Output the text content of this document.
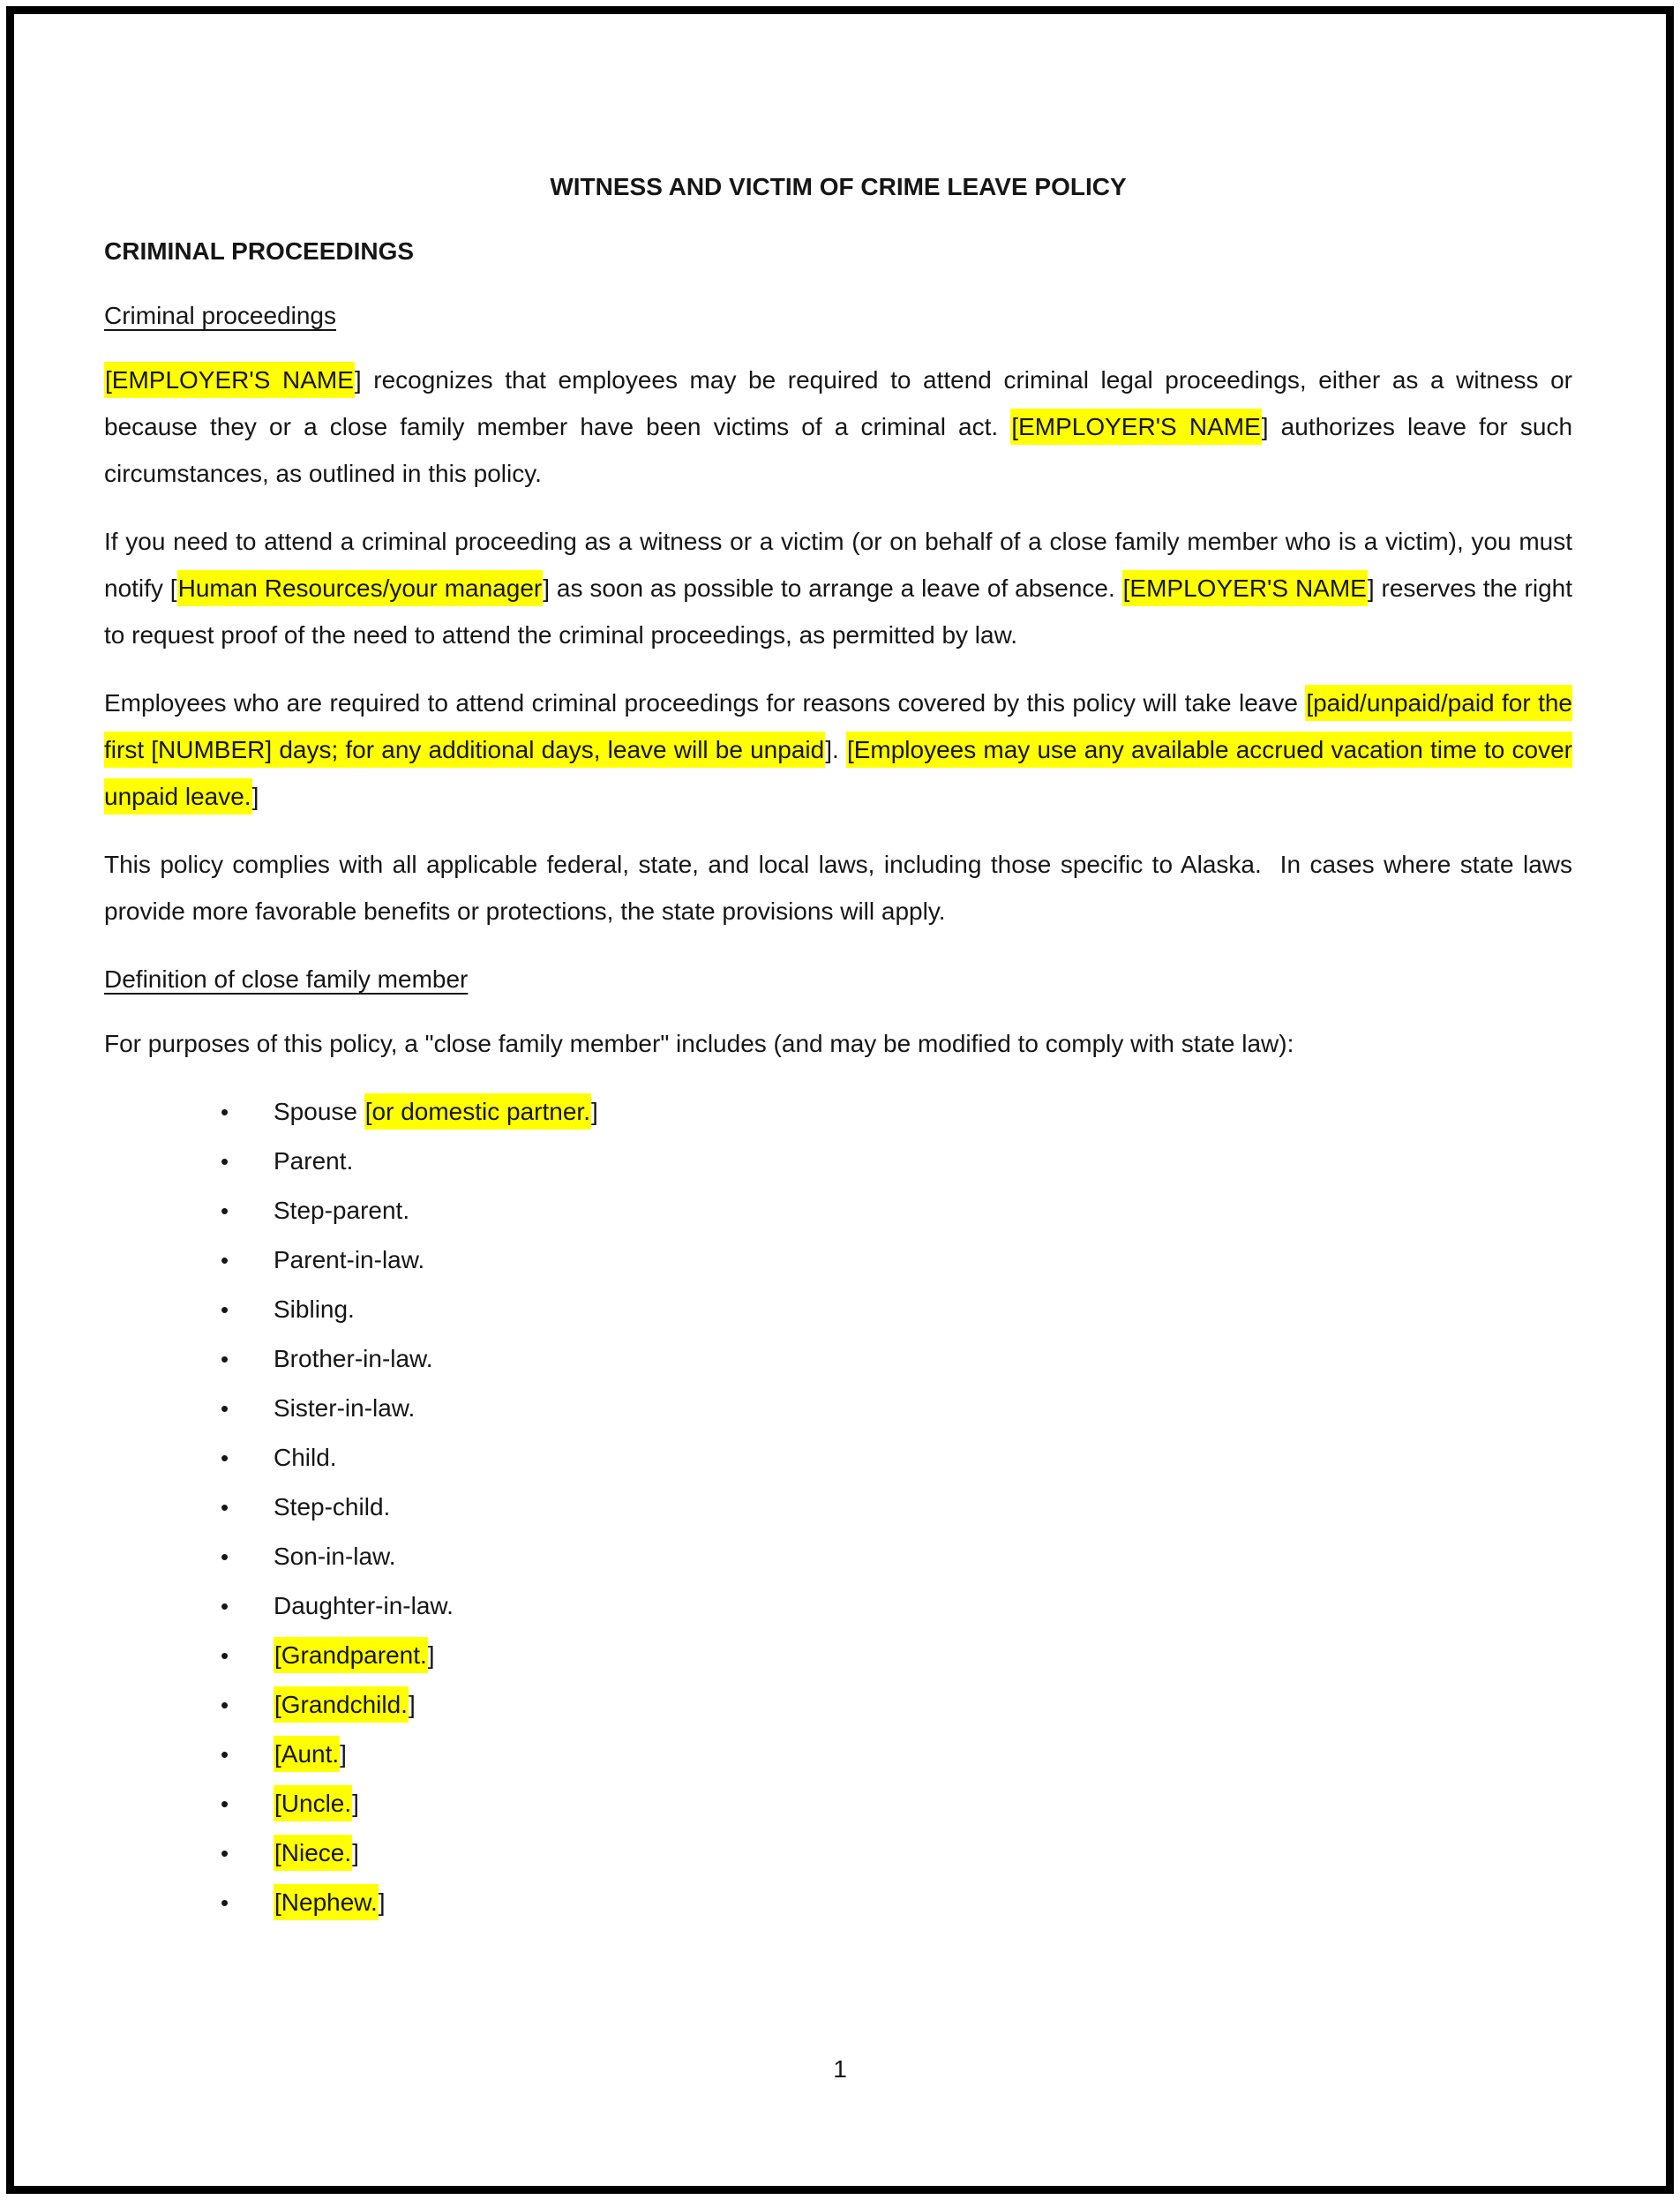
WITNESS AND VICTIM OF CRIME LEAVE POLICY
CRIMINAL PROCEEDINGS
Criminal proceedings
[EMPLOYER'S NAME] recognizes that employees may be required to attend criminal legal proceedings, either as a witness or because they or a close family member have been victims of a criminal act. [EMPLOYER'S NAME] authorizes leave for such circumstances, as outlined in this policy.
If you need to attend a criminal proceeding as a witness or a victim (or on behalf of a close family member who is a victim), you must notify [Human Resources/your manager] as soon as possible to arrange a leave of absence. [EMPLOYER'S NAME] reserves the right to request proof of the need to attend the criminal proceedings, as permitted by law.
Employees who are required to attend criminal proceedings for reasons covered by this policy will take leave [paid/unpaid/paid for the first [NUMBER] days; for any additional days, leave will be unpaid]. [Employees may use any available accrued vacation time to cover unpaid leave.]
This policy complies with all applicable federal, state, and local laws, including those specific to Alaska.  In cases where state laws provide more favorable benefits or protections, the state provisions will apply.
Definition of close family member
For purposes of this policy, a "close family member" includes (and may be modified to comply with state law):
•	Spouse [or domestic partner.]
•	Parent.
•	Step-parent.
•	Parent-in-law.
•	Sibling.
•	Brother-in-law.
•	Sister-in-law.
•	Child.
•	Step-child.
•	Son-in-law.
•	Daughter-in-law.
•	[Grandparent.]
•	[Grandchild.]
•	[Aunt.]
•	[Uncle.]
•	[Niece.]
•	[Nephew.]
1
